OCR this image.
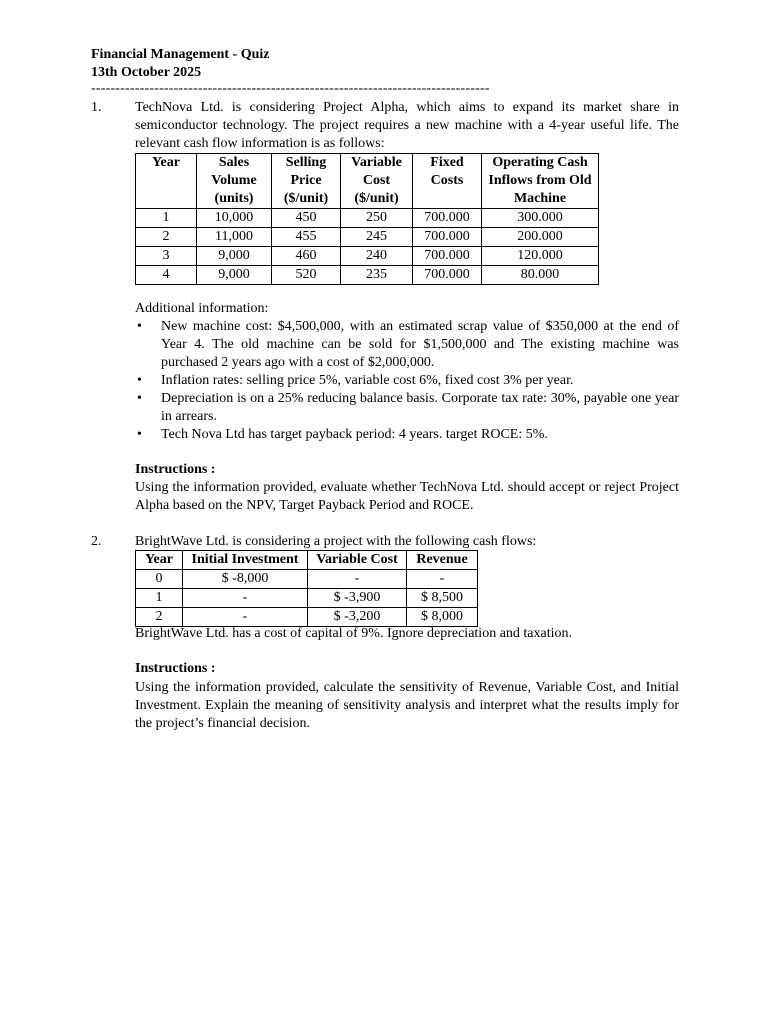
Financial Management - Quiz
13th October 2025
----------------------------------------------------------------------------------
1. TechNova Ltd. is considering Project Alpha, which aims to expand its market share in semiconductor technology. The project requires a new machine with a 4-year useful life. The relevant cash flow information is as follows:
Year	Sales Volume (units)	Selling Price ($/unit)	Variable Cost ($/unit)	Fixed Costs	Operating Cash Inflows from Old Machine
1	10,000	450	250	700.000	300.000
2	11,000	455	245	700.000	200.000
3	9,000	460	240	700.000	120.000
4	9,000	520	235	700.000	80.000
Additional information:
• New machine cost: $4,500,000, with an estimated scrap value of $350,000 at the end of Year 4. The old machine can be sold for $1,500,000 and The existing machine was purchased 2 years ago with a cost of $2,000,000.
• Inflation rates: selling price 5%, variable cost 6%, fixed cost 3% per year.
• Depreciation is on a 25% reducing balance basis. Corporate tax rate: 30%, payable one year in arrears.
• Tech Nova Ltd has target payback period: 4 years. target ROCE: 5%.
Instructions :
Using the information provided, evaluate whether TechNova Ltd. should accept or reject Project Alpha based on the NPV, Target Payback Period and ROCE.
2. BrightWave Ltd. is considering a project with the following cash flows:
Year	Initial Investment	Variable Cost	Revenue
0	$ -8,000	-	-
1	-	$ -3,900	$ 8,500
2	-	$ -3,200	$ 8,000
BrightWave Ltd. has a cost of capital of 9%. Ignore depreciation and taxation.
Instructions :
Using the information provided, calculate the sensitivity of Revenue, Variable Cost, and Initial Investment. Explain the meaning of sensitivity analysis and interpret what the results imply for the project’s financial decision.
